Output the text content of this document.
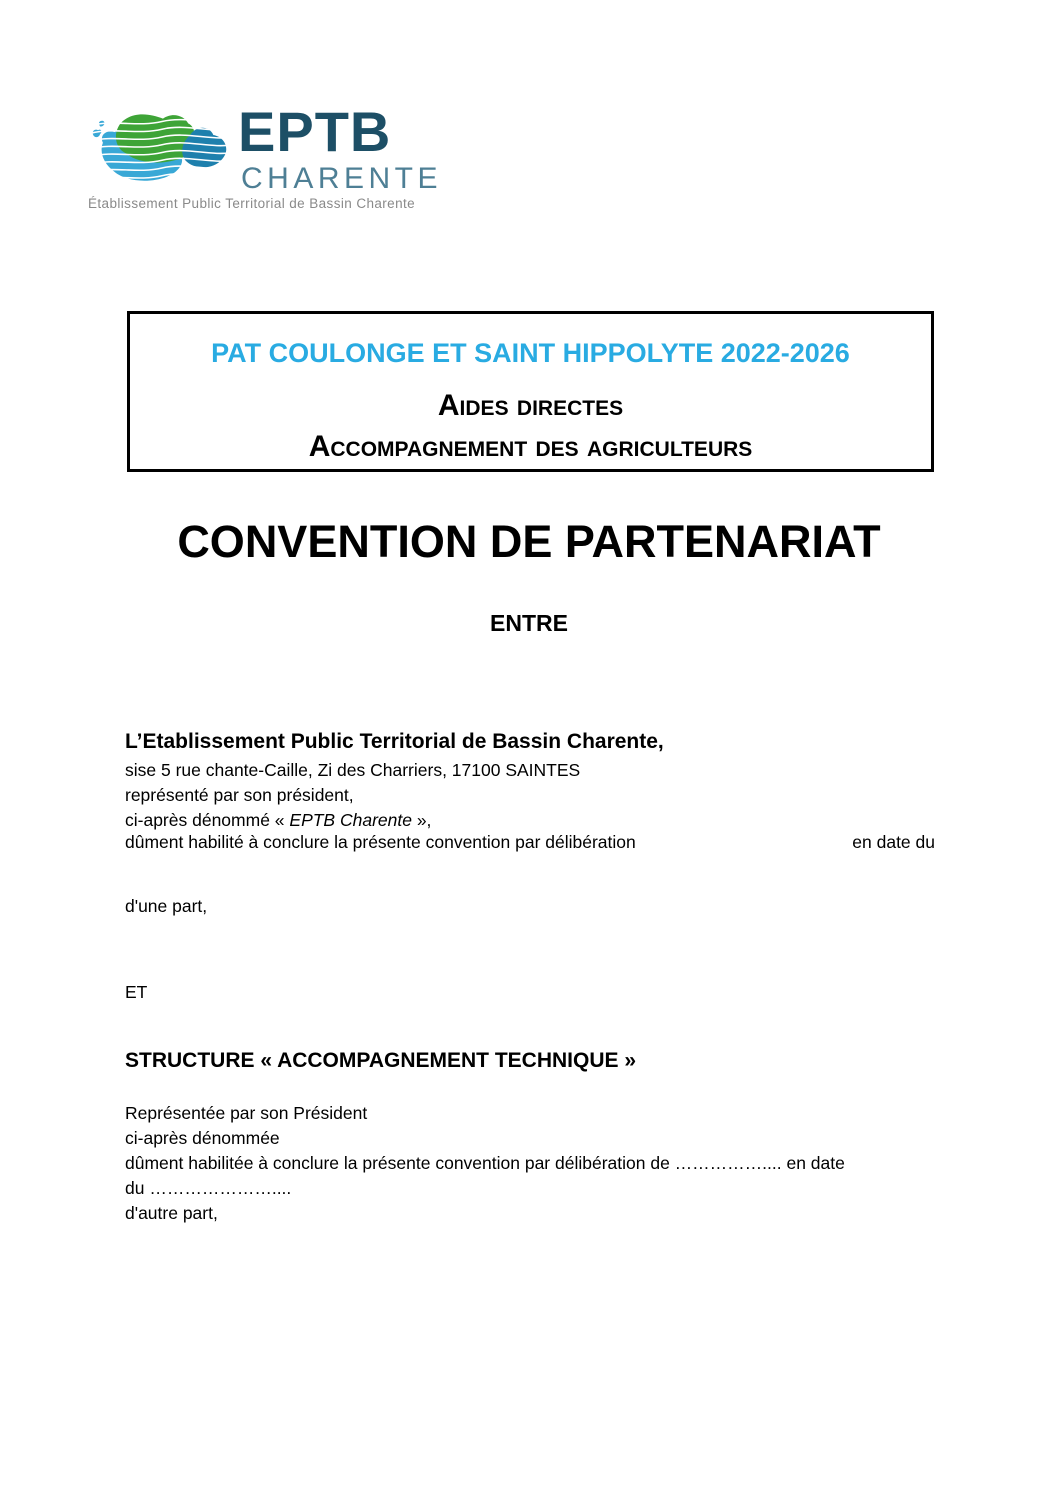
EPTB
CHARENTE
Établissement Public Territorial de Bassin Charente
PAT COULONGE ET SAINT HIPPOLYTE 2022-2026
Aides directes
Accompagnement des agriculteurs
CONVENTION DE PARTENARIAT
ENTRE
L’Etablissement Public Territorial de Bassin Charente,
sise 5 rue chante-Caille, Zi des Charriers, 17100 SAINTES
représenté par son président,
ci-après dénommé « EPTB Charente »,
dûment habilité à conclure la présente convention par délibération	en date du
d'une part,
ET
STRUCTURE « ACCOMPAGNEMENT TECHNIQUE »
Représentée par son Président
ci-après dénommée
dûment habilitée à conclure la présente convention par délibération de …………….... en date
du …………………....
d'autre part,
